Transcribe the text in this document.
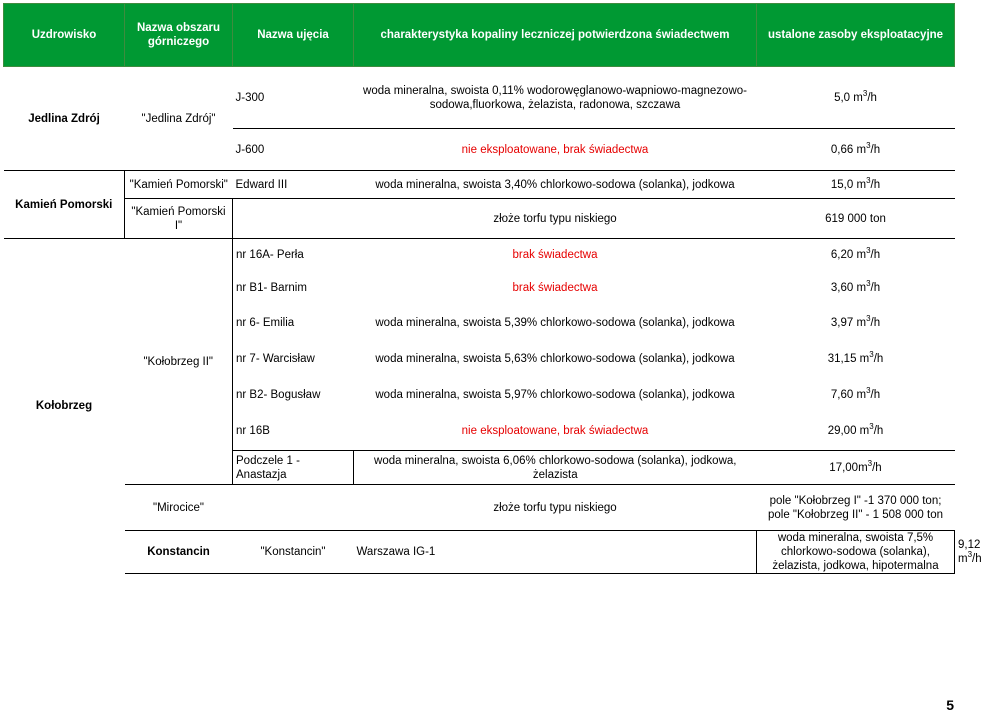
Uzdrowisko	Nazwa obszaru górniczego	Nazwa ujęcia	charakterystyka kopaliny leczniczej potwierdzona świadectwem	ustalone zasoby eksploatacyjne	
Jedlina Zdrój	"Jedlina Zdrój"	J-300	woda mineralna, swoista 0,11% wodorowęglanowo-wapniowo-magnezowo-sodowa,fluorkowa, żelazista, radonowa, szczawa	5,0 $m^3/h$	
		J-600	nie eksploatowane, brak świadectwa	0,66 $m^3/h$	
Kamień Pomorski	"Kamień Pomorski"	Edward III	woda mineralna, swoista 3,40% chlorkowo-sodowa (solanka), jodkowa	15,0 $m^3/h$	
	"Kamień Pomorski I"		złoże torfu typu niskiego	619 000 ton	
Kołobrzeg	"Kołobrzeg II"	nr 16A- Perła	brak świadectwa	6,20 $m^3/h$	
		nr B1- Barnim	brak świadectwa	3,60 $m^3/h$	
		nr 6- Emilia	woda mineralna, swoista 5,39% chlorkowo-sodowa (solanka), jodkowa	3,97 $m^3/h$	
		nr 7- Warcisław	woda mineralna, swoista 5,63% chlorkowo-sodowa (solanka), jodkowa	31,15 $m^3/h$	
		nr B2- Bogusław	woda mineralna, swoista 5,97% chlorkowo-sodowa (solanka), jodkowa	7,60 $m^3/h$	
		nr 16B	nie eksploatowane, brak świadectwa	29,00 $m^3/h$	
		Podczele 1 - Anastazja	woda mineralna, swoista 6,06% chlorkowo-sodowa (solanka), jodkowa, żelazista	$17,00m^3/h$	
	"Mirocice"		złoże torfu typu niskiego	pole "Kołobrzeg I" -1 370 000 ton; pole "Kołobrzeg II" - 1 508 000 ton	
	Konstancin	"Konstancin"	Warszawa IG-1	woda mineralna, swoista 7,5% chlorkowo-sodowa (solanka), żelazista, jodkowa, hipotermalna	9,12 $m^3/h$
5
